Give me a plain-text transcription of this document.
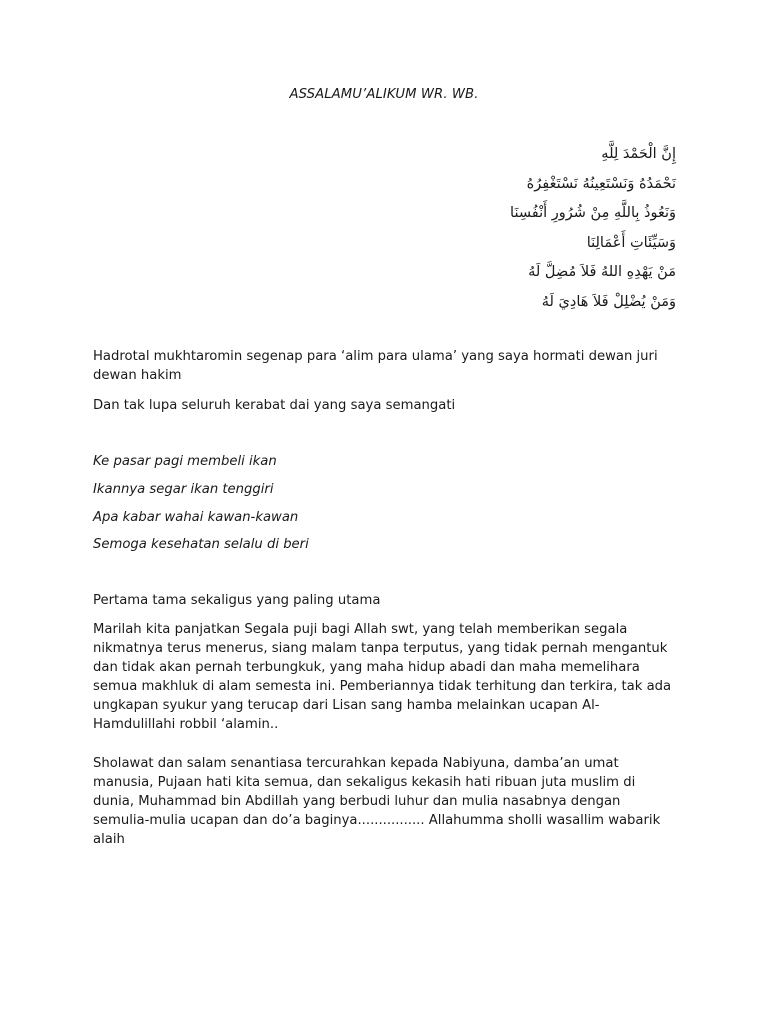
ASSALAMU’ALIKUM WR. WB.
إِنَّ الْحَمْدَ لِلَّهِ
نَحْمَدُهُ وَنَسْتَعِينُهُ نَسْتَغْفِرُهُ
وَنَعُوذُ بِاللَّهِ مِنْ شُرُورِ أَنْفُسِنَا
وَسَيِّئَاتِ أَعْمَالِنَا
مَنْ يَهْدِهِ اللهُ فَلاَ مُضِلَّ لَهُ
وَمَنْ يُضْلِلْ فَلاَ هَادِيَ لَهُ
Hadrotal mukhtaromin segenap para ‘alim para ulama’ yang saya hormati dewan juri dewan hakim
Dan tak lupa seluruh kerabat dai yang saya semangati
Ke pasar pagi membeli ikan
Ikannya segar ikan tenggiri
Apa kabar wahai kawan-kawan
Semoga kesehatan selalu di beri
Pertama tama sekaligus yang paling utama
Marilah kita panjatkan Segala puji bagi Allah swt, yang telah memberikan segala nikmatnya terus menerus, siang malam tanpa terputus, yang tidak pernah mengantuk dan tidak akan pernah terbungkuk, yang maha hidup abadi dan maha memelihara semua makhluk di alam semesta ini. Pemberiannya tidak terhitung dan terkira, tak ada ungkapan syukur yang terucap dari Lisan sang hamba melainkan ucapan Al-Hamdulillahi robbil ‘alamin..
Sholawat dan salam senantiasa tercurahkan kepada Nabiyuna, damba’an umat manusia, Pujaan hati kita semua, dan sekaligus kekasih hati ribuan juta muslim di dunia, Muhammad bin Abdillah yang berbudi luhur dan mulia nasabnya dengan semulia-mulia ucapan dan do’a baginya................ Allahumma sholli wasallim wabarik alaih
